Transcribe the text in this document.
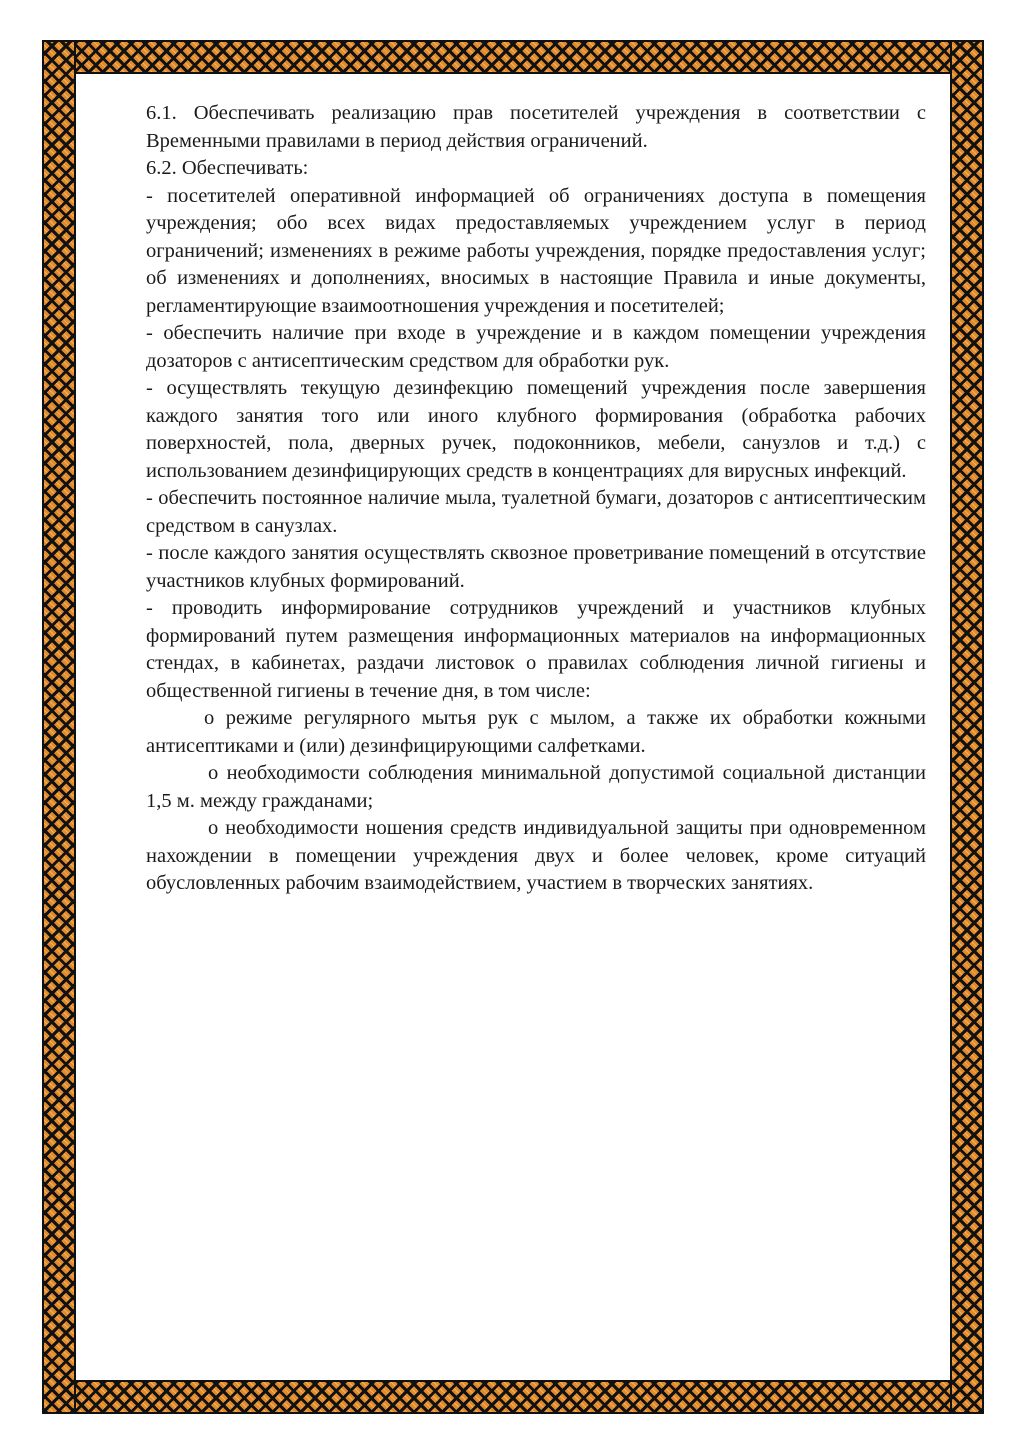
6.1. Обеспечивать реализацию прав посетителей учреждения в соответствии с Временными правилами в период действия ограничений.

6.2. Обеспечивать:

- посетителей оперативной информацией об ограничениях доступа в помещения учреждения; обо всех видах предоставляемых учреждением услуг в период ограничений; изменениях в режиме работы учреждения, порядке предоставления услуг; об изменениях и дополнениях, вносимых в настоящие Правила и иные документы, регламентирующие взаимоотношения учреждения и посетителей;

- обеспечить наличие при входе в учреждение и в каждом помещении учреждения дозаторов с антисептическим средством для обработки рук.

- осуществлять текущую дезинфекцию помещений учреждения после завершения каждого занятия того или иного клубного формирования (обработка рабочих поверхностей, пола, дверных ручек, подоконников, мебели, санузлов и т.д.) с использованием дезинфицирующих средств в концентрациях для вирусных инфекций.

- обеспечить постоянное наличие мыла, туалетной бумаги, дозаторов с антисептическим средством в санузлах.

- после каждого занятия осуществлять сквозное проветривание помещений в отсутствие участников клубных формирований.

- проводить информирование сотрудников учреждений и участников клубных формирований путем размещения информационных материалов на информационных стендах, в кабинетах, раздачи листовок о правилах соблюдения личной гигиены и общественной гигиены в течение дня, в том числе:

о режиме регулярного мытья рук с мылом, а также их обработки кожными антисептиками и (или) дезинфицирующими салфетками.

о необходимости соблюдения минимальной допустимой социальной дистанции 1,5 м. между гражданами;

о необходимости ношения средств индивидуальной защиты при одновременном нахождении в помещении учреждения двух и более человек, кроме ситуаций обусловленных рабочим взаимодействием, участием в творческих занятиях.
